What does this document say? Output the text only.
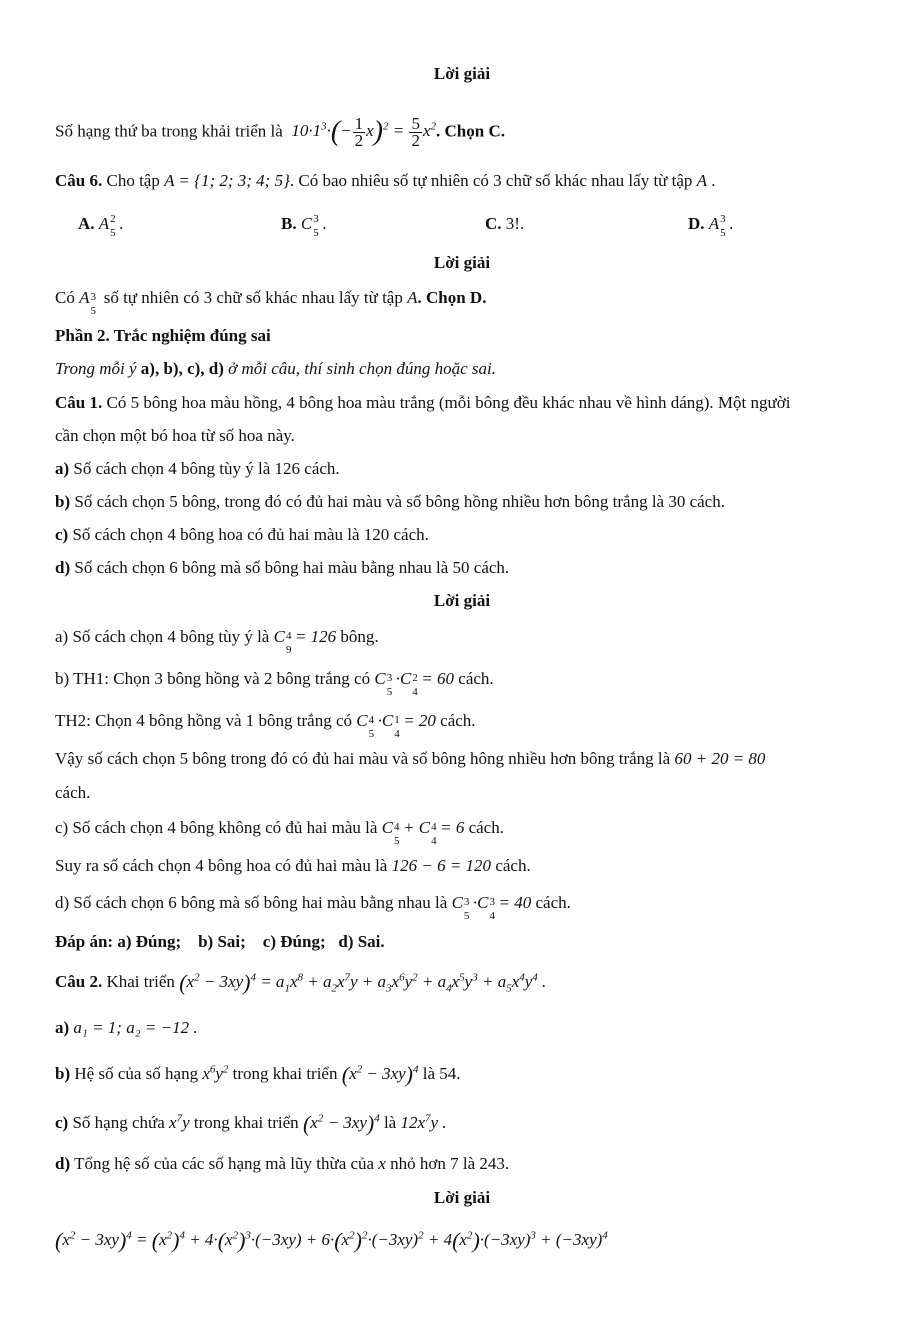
Lời giải
Số hạng thứ ba trong khải triển là  $10\cdot 1^3\cdot(- \frac{1}{2} x)^2 = \frac{5}{2} x^2$. Chọn C.
Câu 6. Cho tập A = {1; 2; 3; 4; 5}. Có bao nhiêu số tự nhiên có 3 chữ số khác nhau lấy từ tập A .
A. A 2
5
.	B. C 3
5
.	C. 3!.	D. A 3
5
.
Lời giải
Có A 3
5
số tự nhiên có 3 chữ số khác nhau lấy từ tập A. Chọn D.
Phần 2. Trắc nghiệm đúng sai
Trong mỗi ý a), b), c), d) ở mỗi câu, thí sinh chọn đúng hoặc sai.
Câu 1. Có 5 bông hoa màu hồng, 4 bông hoa màu trắng (mỗi bông đều khác nhau về hình dáng). Một người
cần chọn một bó hoa từ số hoa này.
a) Số cách chọn 4 bông tùy ý là 126 cách.
b) Số cách chọn 5 bông, trong đó có đủ hai màu và số bông hồng nhiều hơn bông trắng là 30 cách.
c) Số cách chọn 4 bông hoa có đủ hai màu là 120 cách.
d) Số cách chọn 6 bông mà số bông hai màu bằng nhau là 50 cách.
Lời giải
a) Số cách chọn 4 bông tùy ý là C 4
9
= 126 bông.
b) TH1: Chọn 3 bông hồng và 2 bông trắng có C 3
5
·C 2
4
= 60 cách.
TH2: Chọn 4 bông hồng và 1 bông trắng có C 4
5
·C 1
4
= 20 cách.
Vậy số cách chọn 5 bông trong đó có đủ hai màu và số bông hông nhiều hơn bông trắng là 60 + 20 = 80
cách.
c) Số cách chọn 4 bông không có đủ hai màu là C 4
5
+ C 4
4
= 6 cách.
Suy ra số cách chọn 4 bông hoa có đủ hai màu là 126 − 6 = 120 cách.
d) Số cách chọn 6 bông mà số bông hai màu bằng nhau là C 3
5
·C 3
4
= 40 cách.
Đáp án: a) Đúng;    b) Sai;    c) Đúng;   d) Sai.
Câu 2. Khai triển $(x^2 - 3xy)^4 = a_1x^8 + a_2x^7y + a_3x^6y^2 + a_4x^5y^3 + a_5x^4y^4$ .
a) a₁ = 1; a₂ = −12 .
b) Hệ số của số hạng $x^6y^2$ trong khai triển $(x^2 - 3xy)^4$ là 54.
c) Số hạng chứa $x^7y$ trong khai triển $(x^2 - 3xy)^4$ là $12x^7y$ .
d) Tổng hệ số của các số hạng mà lũy thừa của x nhỏ hơn 7 là 243.
Lời giải
$(x^2 - 3xy)^4 = (x^2)^4 + 4\cdot(x^2)^3\cdot(-3xy) + 6\cdot(x^2)^2\cdot(-3xy)^2 + 4(x^2)\cdot(-3xy)^3 + (-3xy)^4$
